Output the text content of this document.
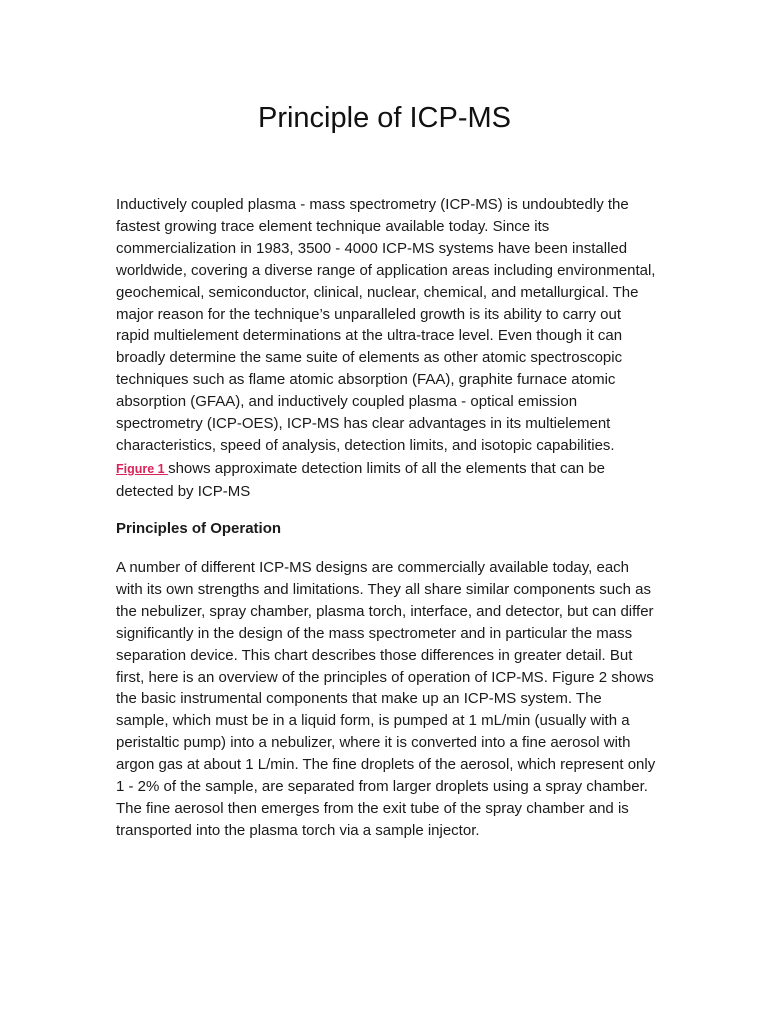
Principle of ICP-MS

Inductively coupled plasma - mass spectrometry (ICP-MS) is undoubtedly the fastest growing trace element technique available today. Since its commercialization in 1983, 3500 - 4000 ICP-MS systems have been installed worldwide, covering a diverse range of application areas including environmental, geochemical, semiconductor, clinical, nuclear, chemical, and metallurgical. The major reason for the technique’s unparalleled growth is its ability to carry out rapid multielement determinations at the ultra-trace level. Even though it can broadly determine the same suite of elements as other atomic spectroscopic techniques such as flame atomic absorption (FAA), graphite furnace atomic absorption (GFAA), and inductively coupled plasma - optical emission spectrometry (ICP-OES), ICP-MS has clear advantages in its multielement characteristics, speed of analysis, detection limits, and isotopic capabilities. Figure 1 shows approximate detection limits of all the elements that can be detected by ICP-MS

Principles of Operation

A number of different ICP-MS designs are commercially available today, each with its own strengths and limitations. They all share similar components such as the nebulizer, spray chamber, plasma torch, interface, and detector, but can differ significantly in the design of the mass spectrometer and in particular the mass separation device. This chart describes those differences in greater detail. But first, here is an overview of the principles of operation of ICP-MS. Figure 2 shows the basic instrumental components that make up an ICP-MS system. The sample, which must be in a liquid form, is pumped at 1 mL/min (usually with a peristaltic pump) into a nebulizer, where it is converted into a fine aerosol with argon gas at about 1 L/min. The fine droplets of the aerosol, which represent only 1 - 2% of the sample, are separated from larger droplets using a spray chamber. The fine aerosol then emerges from the exit tube of the spray chamber and is transported into the plasma torch via a sample injector.
